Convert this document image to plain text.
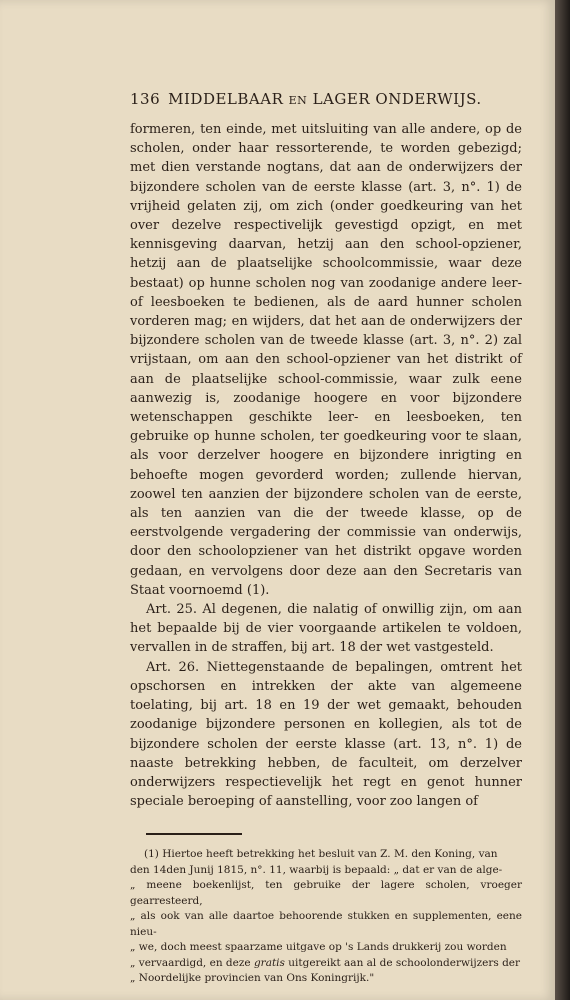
136 MIDDELBAAR EN LAGER ONDERWIJS.

formeren, ten einde, met uitsluiting van alle andere, op de scholen, onder haar ressorterende, te worden gebezigd; met dien verstande nogtans, dat aan de onderwijzers der bijzondere scholen van de eerste klasse (art. 3, n°. 1) de vrijheid gelaten zij, om zich (onder goedkeuring van het over dezelve respectivelijk gevestigd opzigt, en met kennisgeving daarvan, hetzij aan den school-opziener, hetzij aan de plaatselijke schoolcommissie, waar deze bestaat) op hunne scholen nog van zoodanige andere leer- of leesboeken te bedienen, als de aard hunner scholen vorderen mag; en wijders, dat het aan de onderwijzers der bijzondere scholen van de tweede klasse (art. 3, n°. 2) zal vrijstaan, om aan den school-opziener van het distrikt of aan de plaatselijke school-commissie, waar zulk eene aanwezig is, zoodanige hoogere en voor bijzondere wetenschappen geschikte leer- en leesboeken, ten gebruike op hunne scholen, ter goedkeuring voor te slaan, als voor derzelver hoogere en bijzondere inrigting en behoefte mogen gevorderd worden; zullende hiervan, zoowel ten aanzien der bijzondere scholen van de eerste, als ten aanzien van die der tweede klasse, op de eerstvolgende vergadering der commissie van onderwijs, door den schoolopziener van het distrikt opgave worden gedaan, en vervolgens door deze aan den Secretaris van Staat voornoemd (1).

Art. 25. Al degenen, die nalatig of onwillig zijn, om aan het bepaalde bij de vier voorgaande artikelen te voldoen, vervallen in de straffen, bij art. 18 der wet vastgesteld.

Art. 26. Niettegenstaande de bepalingen, omtrent het opschorsen en intrekken der akte van algemeene toelating, bij art. 18 en 19 der wet gemaakt, behouden zoodanige bijzondere personen en kollegien, als tot de bijzondere scholen der eerste klasse (art. 13, n°. 1) de naaste betrekking hebben, de faculteit, om derzelver onderwijzers respectievelijk het regt en genot hunner speciale beroeping of aanstelling, voor zoo langen of

(1) Hiertoe heeft betrekking het besluit van Z. M. den Koning, van
den 14den Junij 1815, n°. 11, waarbij is bepaald: „ dat er van de alge-
„ meene boekenlijst, ten gebruike der lagere scholen, vroeger gearresteerd,
„ als ook van alle daartoe behoorende stukken en supplementen, eene nieu-
„ we, doch meest spaarzame uitgave op 's Lands drukkerij zou worden
„ vervaardigd, en deze gratis uitgereikt aan al de schoolonderwijzers der
„ Noordelijke provincien van Ons Koningrijk."
